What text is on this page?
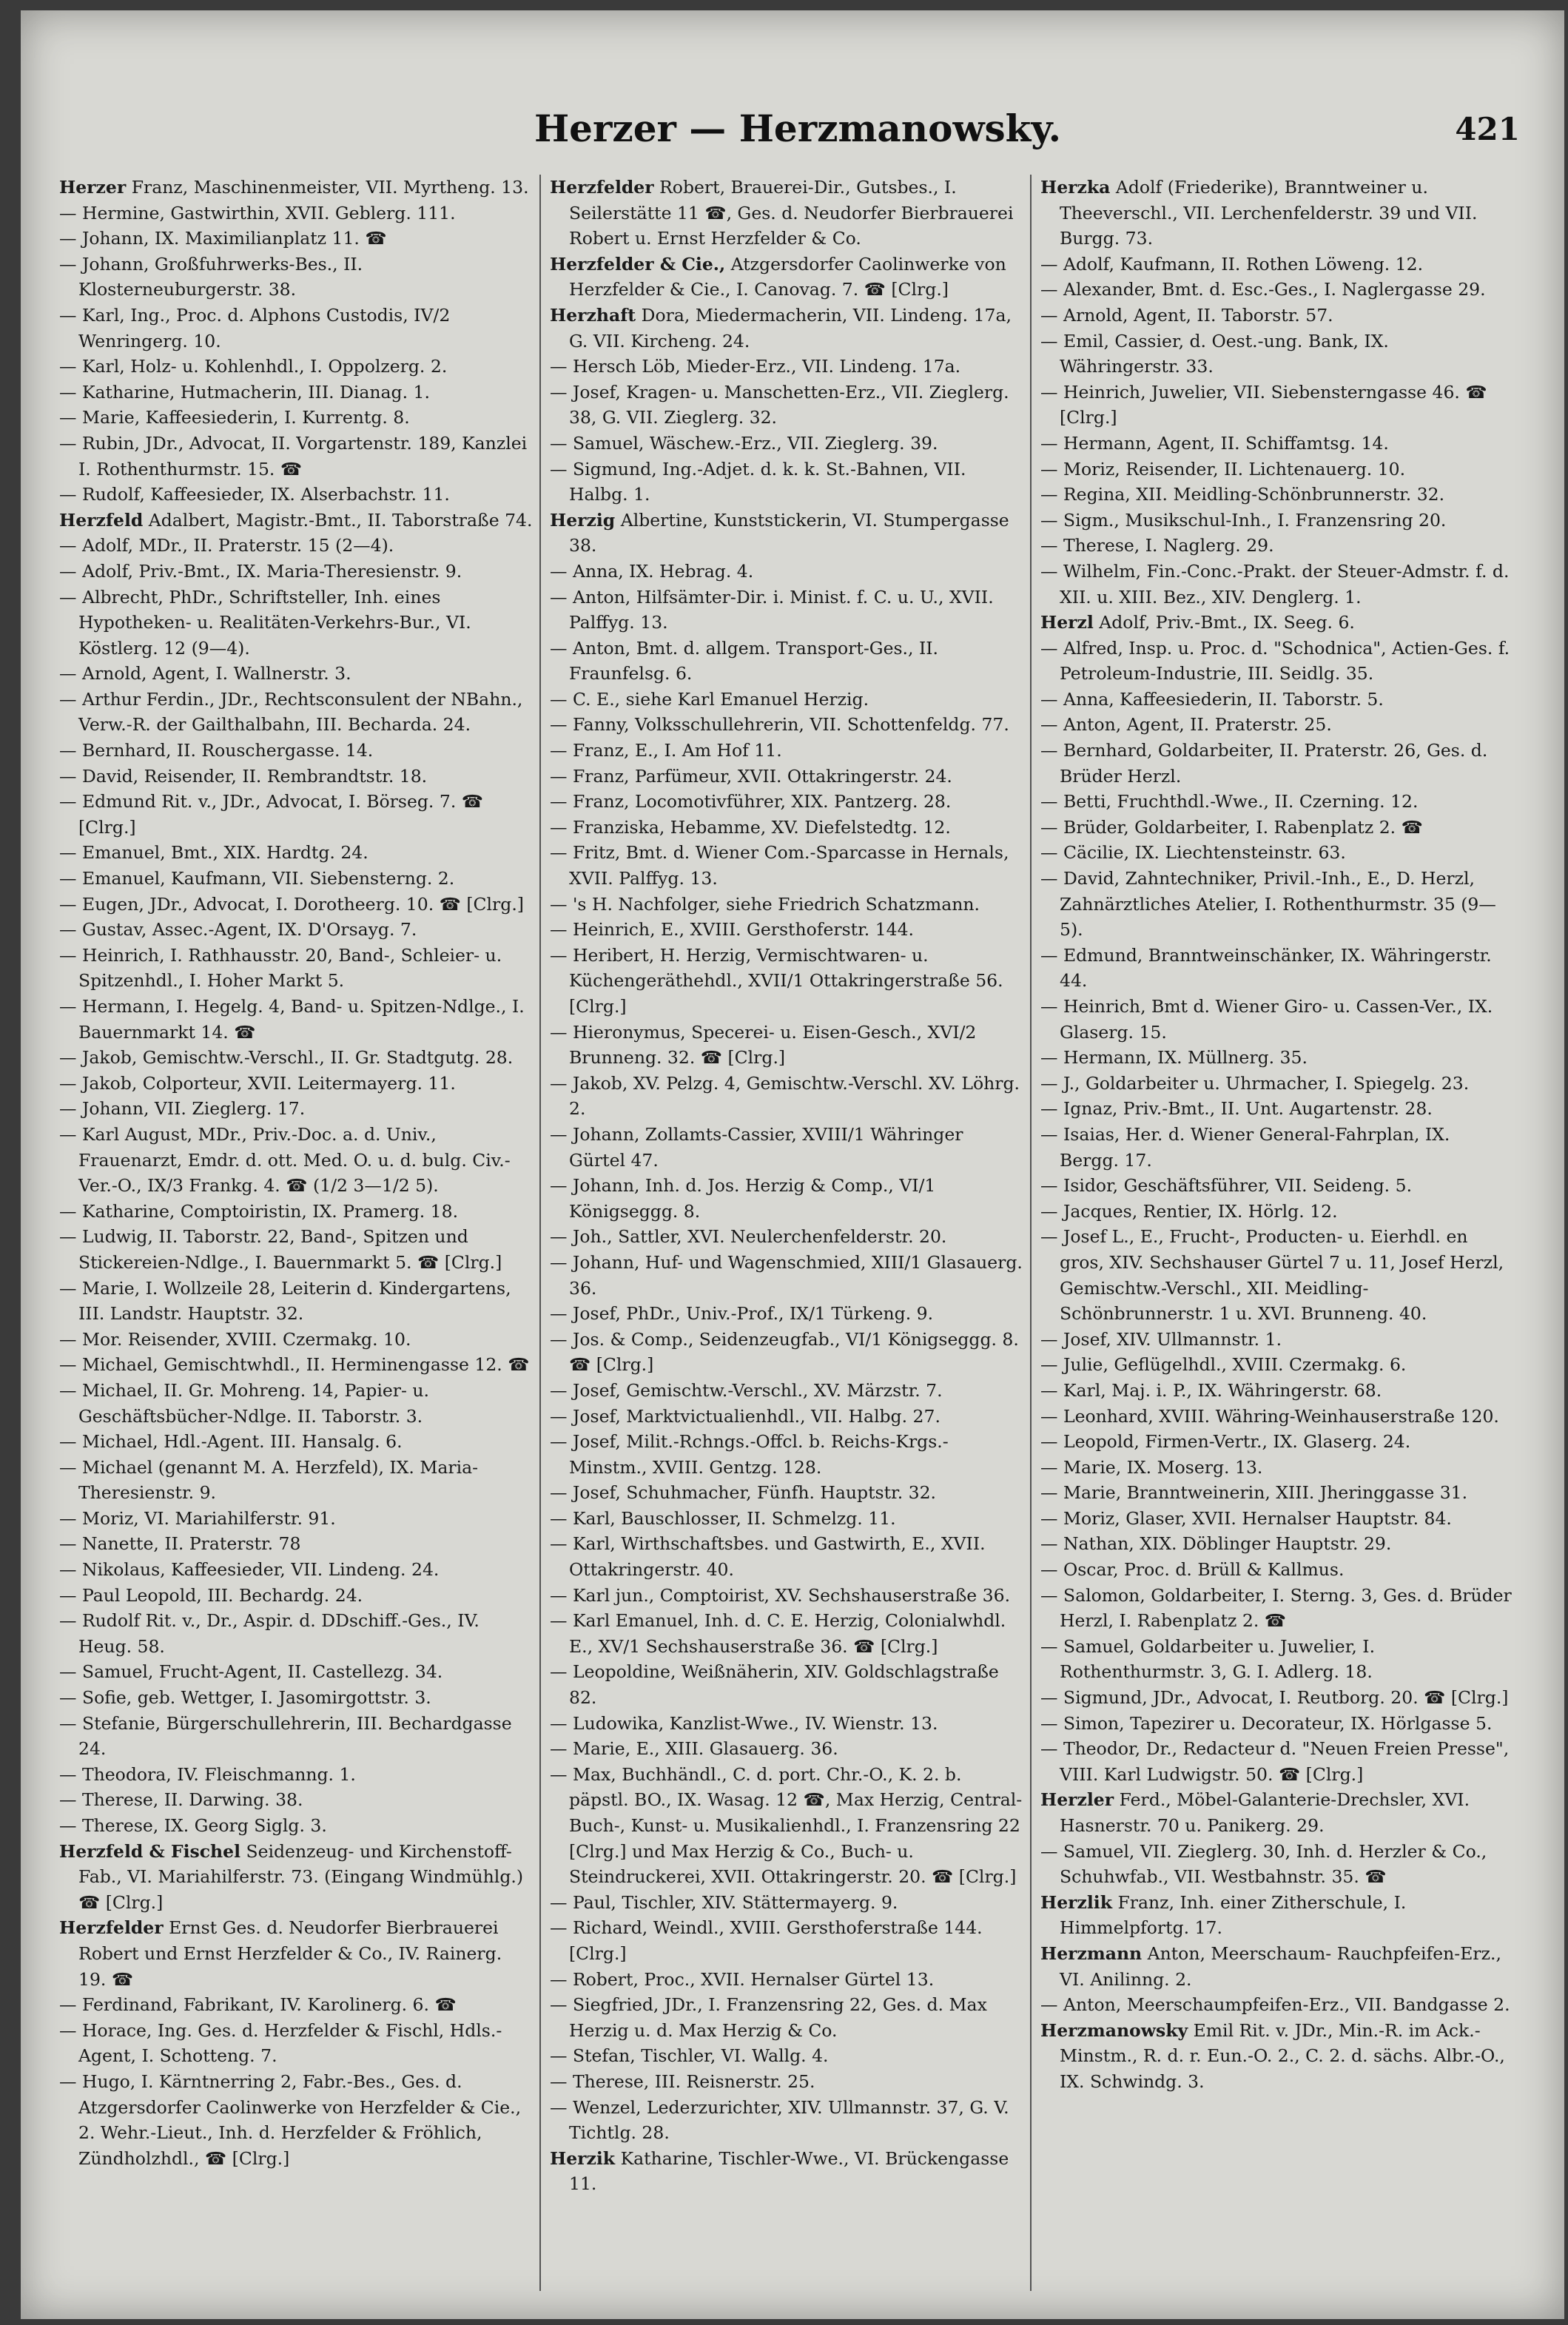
Herzer — Herzmanowsky.	421

Herzer Franz, Maschinenmeister, VII. Myrtheng. 13.

— Hermine, Gastwirthin, XVII. Geblerg. 111.

— Johann, IX. Maximilianplatz 11. ☎

— Johann, Großfuhrwerks-Bes., II. Klosterneuburgerstr. 38.

— Karl, Ing., Proc. d. Alphons Custodis, IV/2 Wenringerg. 10.

— Karl, Holz- u. Kohlenhdl., I. Oppolzerg. 2.

— Katharine, Hutmacherin, III. Dianag. 1.

— Marie, Kaffeesiederin, I. Kurrentg. 8.

— Rubin, JDr., Advocat, II. Vorgartenstr. 189, Kanzlei I. Rothenthurmstr. 15. ☎

— Rudolf, Kaffeesieder, IX. Alserbachstr. 11.

Herzfeld Adalbert, Magistr.-Bmt., II. Taborstraße 74.

— Adolf, MDr., II. Praterstr. 15 (2—4).

— Adolf, Priv.-Bmt., IX. Maria-Theresienstr. 9.

— Albrecht, PhDr., Schriftsteller, Inh. eines Hypotheken- u. Realitäten-Verkehrs-Bur., VI. Köstlerg. 12 (9—4).

— Arnold, Agent, I. Wallnerstr. 3.

— Arthur Ferdin., JDr., Rechtsconsulent der NBahn., Verw.-R. der Gailthalbahn, III. Becharda. 24.

— Bernhard, II. Rouschergasse. 14.

— David, Reisender, II. Rembrandtstr. 18.

— Edmund Rit. v., JDr., Advocat, I. Börseg. 7. ☎ [Clrg.]

— Emanuel, Bmt., XIX. Hardtg. 24.

— Emanuel, Kaufmann, VII. Siebensterng. 2.

— Eugen, JDr., Advocat, I. Dorotheerg. 10. ☎ [Clrg.]

— Gustav, Assec.-Agent, IX. D'Orsayg. 7.

— Heinrich, I. Rathhausstr. 20, Band-, Schleier- u. Spitzenhdl., I. Hoher Markt 5.

— Hermann, I. Hegelg. 4, Band- u. Spitzen-Ndlge., I. Bauernmarkt 14. ☎

— Jakob, Gemischtw.-Verschl., II. Gr. Stadtgutg. 28.

— Jakob, Colporteur, XVII. Leitermayerg. 11.

— Johann, VII. Zieglerg. 17.

— Karl August, MDr., Priv.-Doc. a. d. Univ., Frauenarzt, Emdr. d. ott. Med. O. u. d. bulg. Civ.-Ver.-O., IX/3 Frankg. 4. ☎ (1/2 3—1/2 5).

— Katharine, Comptoiristin, IX. Pramerg. 18.

— Ludwig, II. Taborstr. 22, Band-, Spitzen und Stickereien-Ndlge., I. Bauernmarkt 5. ☎ [Clrg.]

— Marie, I. Wollzeile 28, Leiterin d. Kindergartens, III. Landstr. Hauptstr. 32.

— Mor. Reisender, XVIII. Czermakg. 10.

— Michael, Gemischtwhdl., II. Herminengasse 12. ☎

— Michael, II. Gr. Mohreng. 14, Papier- u. Geschäftsbücher-Ndlge. II. Taborstr. 3.

— Michael, Hdl.-Agent. III. Hansalg. 6.

— Michael (genannt M. A. Herzfeld), IX. Maria-Theresienstr. 9.

— Moriz, VI. Mariahilferstr. 91.

— Nanette, II. Praterstr. 78

— Nikolaus, Kaffeesieder, VII. Lindeng. 24.

— Paul Leopold, III. Bechardg. 24.

— Rudolf Rit. v., Dr., Aspir. d. DDschiff.-Ges., IV. Heug. 58.

— Samuel, Frucht-Agent, II. Castellezg. 34.

— Sofie, geb. Wettger, I. Jasomirgottstr. 3.

— Stefanie, Bürgerschullehrerin, III. Bechardgasse 24.

— Theodora, IV. Fleischmanng. 1.

— Therese, II. Darwing. 38.

— Therese, IX. Georg Siglg. 3.

Herzfeld & Fischel Seidenzeug- und Kirchenstoff-Fab., VI. Mariahilferstr. 73. (Eingang Windmühlg.) ☎ [Clrg.]

Herzfelder Ernst Ges. d. Neudorfer Bierbrauerei Robert und Ernst Herzfelder & Co., IV. Rainerg. 19. ☎

— Ferdinand, Fabrikant, IV. Karolinerg. 6. ☎

— Horace, Ing. Ges. d. Herzfelder & Fischl, Hdls.-Agent, I. Schotteng. 7.

— Hugo, I. Kärntnerring 2, Fabr.-Bes., Ges. d. Atzgersdorfer Caolinwerke von Herzfelder & Cie., 2. Wehr.-Lieut., Inh. d. Herzfelder & Fröhlich, Zündholzhdl., ☎ [Clrg.]

Herzfelder Robert, Brauerei-Dir., Gutsbes., I. Seilerstätte 11 ☎, Ges. d. Neudorfer Bierbrauerei Robert u. Ernst Herzfelder & Co.

Herzfelder & Cie., Atzgersdorfer Caolinwerke von Herzfelder & Cie., I. Canovag. 7. ☎ [Clrg.]

Herzhaft Dora, Miedermacherin, VII. Lindeng. 17a, G. VII. Kircheng. 24.

— Hersch Löb, Mieder-Erz., VII. Lindeng. 17a.

— Josef, Kragen- u. Manschetten-Erz., VII. Zieglerg. 38, G. VII. Zieglerg. 32.

— Samuel, Wäschew.-Erz., VII. Zieglerg. 39.

— Sigmund, Ing.-Adjet. d. k. k. St.-Bahnen, VII. Halbg. 1.

Herzig Albertine, Kunststickerin, VI. Stumpergasse 38.

— Anna, IX. Hebrag. 4.

— Anton, Hilfsämter-Dir. i. Minist. f. C. u. U., XVII. Palffyg. 13.

— Anton, Bmt. d. allgem. Transport-Ges., II. Fraunfelsg. 6.

— C. E., siehe Karl Emanuel Herzig.

— Fanny, Volksschullehrerin, VII. Schottenfeldg. 77.

— Franz, E., I. Am Hof 11.

— Franz, Parfümeur, XVII. Ottakringerstr. 24.

— Franz, Locomotivführer, XIX. Pantzerg. 28.

— Franziska, Hebamme, XV. Diefelstedtg. 12.

— Fritz, Bmt. d. Wiener Com.-Sparcasse in Hernals, XVII. Palffyg. 13.

— 's H. Nachfolger, siehe Friedrich Schatzmann.

— Heinrich, E., XVIII. Gersthoferstr. 144.

— Heribert, H. Herzig, Vermischtwaren- u. Küchengeräthehdl., XVII/1 Ottakringerstraße 56. [Clrg.]

— Hieronymus, Specerei- u. Eisen-Gesch., XVI/2 Brunneng. 32. ☎ [Clrg.]

— Jakob, XV. Pelzg. 4, Gemischtw.-Verschl. XV. Löhrg. 2.

— Johann, Zollamts-Cassier, XVIII/1 Währinger Gürtel 47.

— Johann, Inh. d. Jos. Herzig & Comp., VI/1 Königseggg. 8.

— Joh., Sattler, XVI. Neulerchenfelderstr. 20.

— Johann, Huf- und Wagenschmied, XIII/1 Glasauerg. 36.

— Josef, PhDr., Univ.-Prof., IX/1 Türkeng. 9.

— Jos. & Comp., Seidenzeugfab., VI/1 Königseggg. 8. ☎ [Clrg.]

— Josef, Gemischtw.-Verschl., XV. Märzstr. 7.

— Josef, Marktvictualienhdl., VII. Halbg. 27.

— Josef, Milit.-Rchngs.-Offcl. b. Reichs-Krgs.-Minstm., XVIII. Gentzg. 128.

— Josef, Schuhmacher, Fünfh. Hauptstr. 32.

— Karl, Bauschlosser, II. Schmelzg. 11.

— Karl, Wirthschaftsbes. und Gastwirth, E., XVII. Ottakringerstr. 40.

— Karl jun., Comptoirist, XV. Sechshauserstraße 36.

— Karl Emanuel, Inh. d. C. E. Herzig, Colonialwhdl. E., XV/1 Sechshauserstraße 36. ☎ [Clrg.]

— Leopoldine, Weißnäherin, XIV. Goldschlagstraße 82.

— Ludowika, Kanzlist-Wwe., IV. Wienstr. 13.

— Marie, E., XIII. Glasauerg. 36.

— Max, Buchhändl., C. d. port. Chr.-O., K. 2. b. päpstl. BO., IX. Wasag. 12 ☎, Max Herzig, Central-Buch-, Kunst- u. Musikalienhdl., I. Franzensring 22 [Clrg.] und Max Herzig & Co., Buch- u. Steindruckerei, XVII. Ottakringerstr. 20. ☎ [Clrg.]

— Paul, Tischler, XIV. Stättermayerg. 9.

— Richard, Weindl., XVIII. Gersthoferstraße 144. [Clrg.]

— Robert, Proc., XVII. Hernalser Gürtel 13.

— Siegfried, JDr., I. Franzensring 22, Ges. d. Max Herzig u. d. Max Herzig & Co.

— Stefan, Tischler, VI. Wallg. 4.

— Therese, III. Reisnerstr. 25.

— Wenzel, Lederzurichter, XIV. Ullmannstr. 37, G. V. Tichtlg. 28.

Herzik Katharine, Tischler-Wwe., VI. Brückengasse 11.

Herzka Adolf (Friederike), Branntweiner u. Theeverschl., VII. Lerchenfelderstr. 39 und VII. Burgg. 73.

— Adolf, Kaufmann, II. Rothen Löweng. 12.

— Alexander, Bmt. d. Esc.-Ges., I. Naglergasse 29.

— Arnold, Agent, II. Taborstr. 57.

— Emil, Cassier, d. Oest.-ung. Bank, IX. Währingerstr. 33.

— Heinrich, Juwelier, VII. Siebensterngasse 46. ☎ [Clrg.]

— Hermann, Agent, II. Schiffamtsg. 14.

— Moriz, Reisender, II. Lichtenauerg. 10.

— Regina, XII. Meidling-Schönbrunnerstr. 32.

— Sigm., Musikschul-Inh., I. Franzensring 20.

— Therese, I. Naglerg. 29.

— Wilhelm, Fin.-Conc.-Prakt. der Steuer-Admstr. f. d. XII. u. XIII. Bez., XIV. Denglerg. 1.

Herzl Adolf, Priv.-Bmt., IX. Seeg. 6.

— Alfred, Insp. u. Proc. d. "Schodnica", Actien-Ges. f. Petroleum-Industrie, III. Seidlg. 35.

— Anna, Kaffeesiederin, II. Taborstr. 5.

— Anton, Agent, II. Praterstr. 25.

— Bernhard, Goldarbeiter, II. Praterstr. 26, Ges. d. Brüder Herzl.

— Betti, Fruchthdl.-Wwe., II. Czerning. 12.

— Brüder, Goldarbeiter, I. Rabenplatz 2. ☎

— Cäcilie, IX. Liechtensteinstr. 63.

— David, Zahntechniker, Privil.-Inh., E., D. Herzl, Zahnärztliches Atelier, I. Rothenthurmstr. 35 (9—5).

— Edmund, Branntweinschänker, IX. Währingerstr. 44.

— Heinrich, Bmt d. Wiener Giro- u. Cassen-Ver., IX. Glaserg. 15.

— Hermann, IX. Müllnerg. 35.

— J., Goldarbeiter u. Uhrmacher, I. Spiegelg. 23.

— Ignaz, Priv.-Bmt., II. Unt. Augartenstr. 28.

— Isaias, Her. d. Wiener General-Fahrplan, IX. Bergg. 17.

— Isidor, Geschäftsführer, VII. Seideng. 5.

— Jacques, Rentier, IX. Hörlg. 12.

— Josef L., E., Frucht-, Producten- u. Eierhdl. en gros, XIV. Sechshauser Gürtel 7 u. 11, Josef Herzl, Gemischtw.-Verschl., XII. Meidling-Schönbrunnerstr. 1 u. XVI. Brunneng. 40.

— Josef, XIV. Ullmannstr. 1.

— Julie, Geflügelhdl., XVIII. Czermakg. 6.

— Karl, Maj. i. P., IX. Währingerstr. 68.

— Leonhard, XVIII. Währing-Weinhauserstraße 120.

— Leopold, Firmen-Vertr., IX. Glaserg. 24.

— Marie, IX. Moserg. 13.

— Marie, Branntweinerin, XIII. Jheringgasse 31.

— Moriz, Glaser, XVII. Hernalser Hauptstr. 84.

— Nathan, XIX. Döblinger Hauptstr. 29.

— Oscar, Proc. d. Brüll & Kallmus.

— Salomon, Goldarbeiter, I. Sterng. 3, Ges. d. Brüder Herzl, I. Rabenplatz 2. ☎

— Samuel, Goldarbeiter u. Juwelier, I. Rothenthurmstr. 3, G. I. Adlerg. 18.

— Sigmund, JDr., Advocat, I. Reutborg. 20. ☎ [Clrg.]

— Simon, Tapezirer u. Decorateur, IX. Hörlgasse 5.

— Theodor, Dr., Redacteur d. "Neuen Freien Presse", VIII. Karl Ludwigstr. 50. ☎ [Clrg.]

Herzler Ferd., Möbel-Galanterie-Drechsler, XVI. Hasnerstr. 70 u. Panikerg. 29.

— Samuel, VII. Zieglerg. 30, Inh. d. Herzler & Co., Schuhwfab., VII. Westbahnstr. 35. ☎

Herzlik Franz, Inh. einer Zitherschule, I. Himmelpfortg. 17.

Herzmann Anton, Meerschaum- Rauchpfeifen-Erz., VI. Anilinng. 2.

— Anton, Meerschaumpfeifen-Erz., VII. Bandgasse 2.

Herzmanowsky Emil Rit. v. JDr., Min.-R. im Ack.-Minstm., R. d. r. Eun.-O. 2., C. 2. d. sächs. Albr.-O., IX. Schwindg. 3.
